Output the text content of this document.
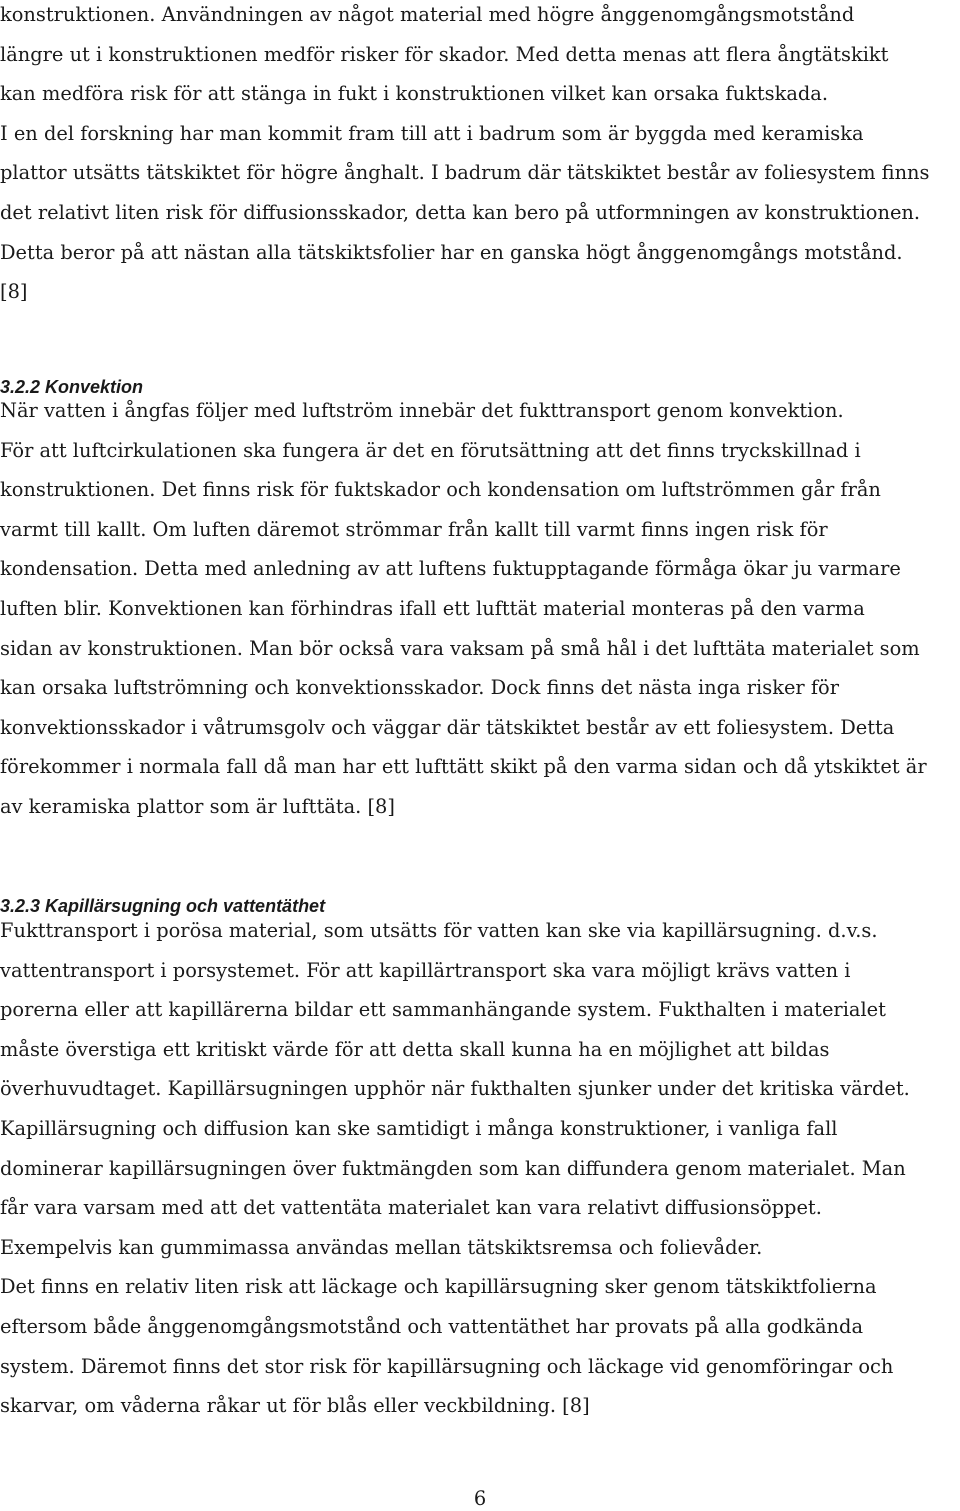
konstruktionen. Användningen av något material med högre ånggenomgångsmotstånd
längre ut i konstruktionen medför risker för skador. Med detta menas att flera ångtätskikt
kan medföra risk för att stänga in fukt i konstruktionen vilket kan orsaka fuktskada.
I en del forskning har man kommit fram till att i badrum som är byggda med keramiska
plattor utsätts tätskiktet för högre ånghalt. I badrum där tätskiktet består av foliesystem finns
det relativt liten risk för diffusionsskador, detta kan bero på utformningen av konstruktionen.
Detta beror på att nästan alla tätskiktsfolier har en ganska högt ånggenomgångs motstånd.
[8]
3.2.2 Konvektion
När vatten i ångfas följer med luftström innebär det fukttransport genom konvektion.
För att luftcirkulationen ska fungera är det en förutsättning att det finns tryckskillnad i
konstruktionen. Det finns risk för fuktskador och kondensation om luftströmmen går från
varmt till kallt. Om luften däremot strömmar från kallt till varmt finns ingen risk för
kondensation. Detta med anledning av att luftens fuktupptagande förmåga ökar ju varmare
luften blir. Konvektionen kan förhindras ifall ett lufttät material monteras på den varma
sidan av konstruktionen. Man bör också vara vaksam på små hål i det lufttäta materialet som
kan orsaka luftströmning och konvektionsskador. Dock finns det nästa inga risker för
konvektionsskador i våtrumsgolv och väggar där tätskiktet består av ett foliesystem. Detta
förekommer i normala fall då man har ett lufttätt skikt på den varma sidan och då ytskiktet är
av keramiska plattor som är lufttäta. [8]
3.2.3 Kapillärsugning och vattentäthet
Fukttransport i porösa material, som utsätts för vatten kan ske via kapillärsugning. d.v.s.
vattentransport i porsystemet. För att kapillärtransport ska vara möjligt krävs vatten i
porerna eller att kapillärerna bildar ett sammanhängande system. Fukthalten i materialet
måste överstiga ett kritiskt värde för att detta skall kunna ha en möjlighet att bildas
överhuvudtaget. Kapillärsugningen upphör när fukthalten sjunker under det kritiska värdet.
Kapillärsugning och diffusion kan ske samtidigt i många konstruktioner, i vanliga fall
dominerar kapillärsugningen över fuktmängden som kan diffundera genom materialet. Man
får vara varsam med att det vattentäta materialet kan vara relativt diffusionsöppet.
Exempelvis kan gummimassa användas mellan tätskiktsremsa och folievåder.
Det finns en relativ liten risk att läckage och kapillärsugning sker genom tätskiktfolierna
eftersom både ånggenomgångsmotstånd och vattentäthet har provats på alla godkända
system. Däremot finns det stor risk för kapillärsugning och läckage vid genomföringar och
skarvar, om våderna råkar ut för blås eller veckbildning. [8]
6
